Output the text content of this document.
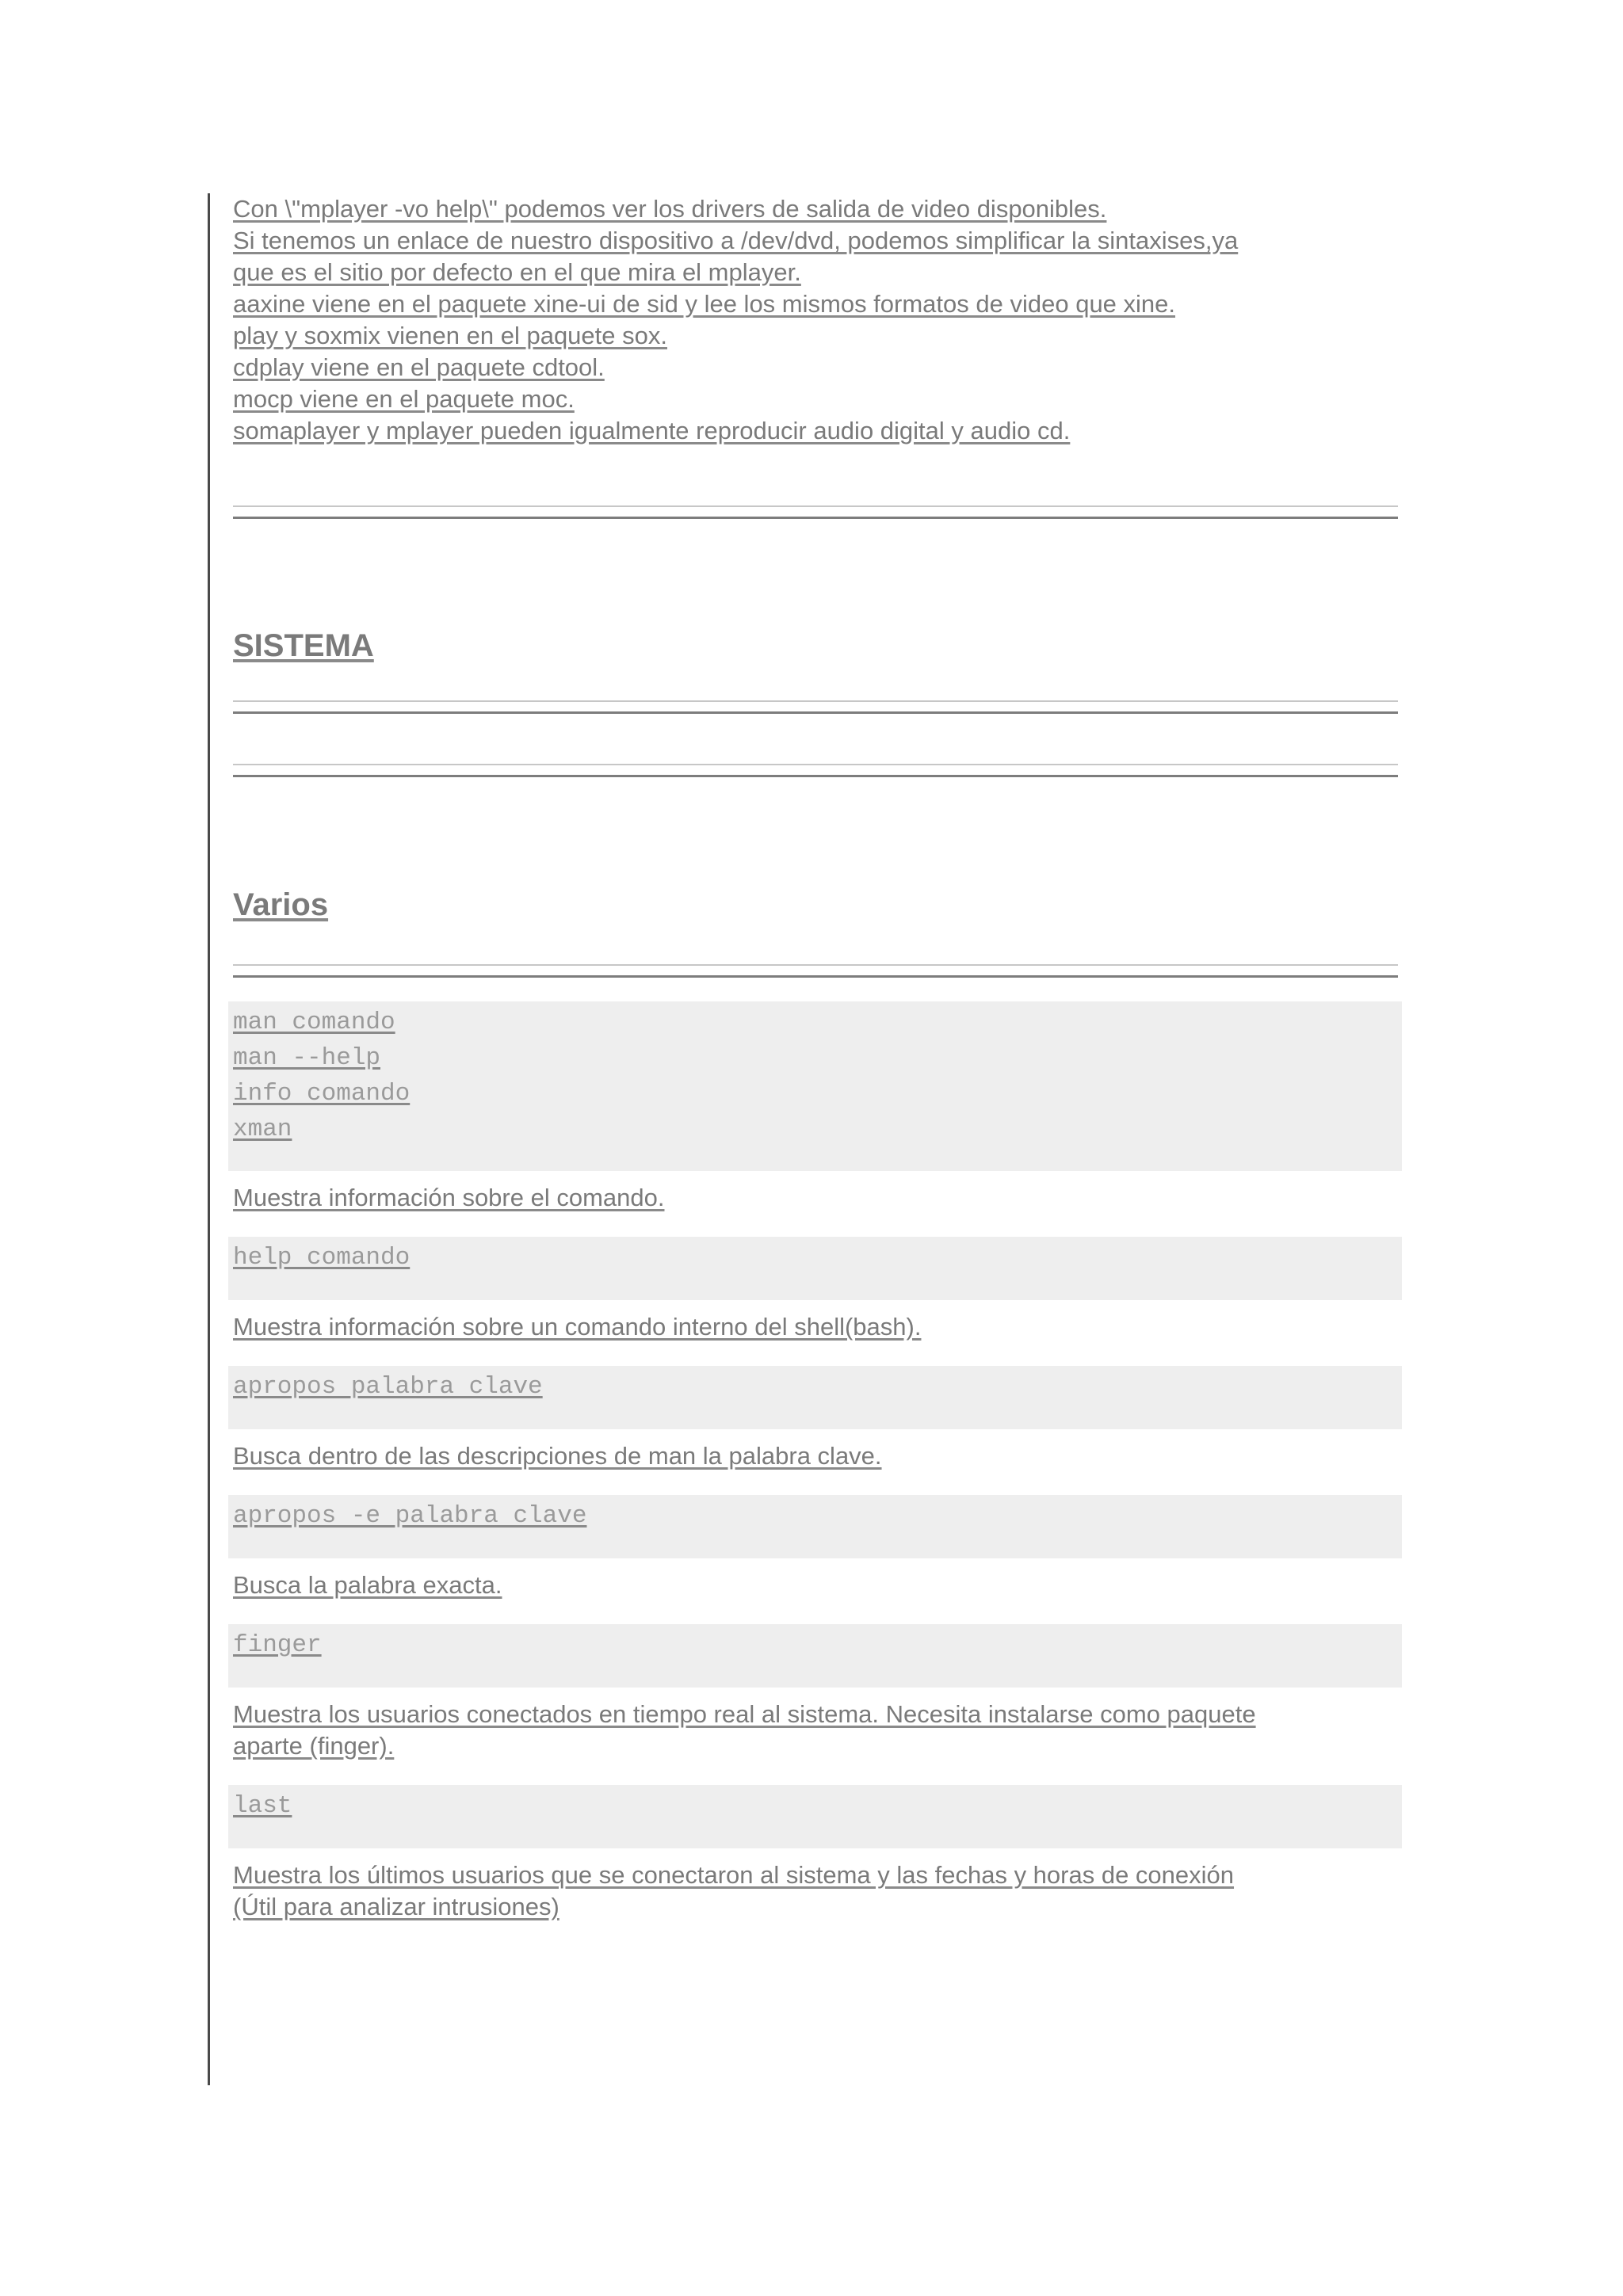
Con \"mplayer -vo help\" podemos ver los drivers de salida de video disponibles.

Si tenemos un enlace de nuestro dispositivo a /dev/dvd, podemos simplificar la sintaxises,ya

que es el sitio por defecto en el que mira el mplayer.

aaxine viene en el paquete xine-ui de sid y lee los mismos formatos de video que xine.

play y soxmix vienen en el paquete sox.

cdplay viene en el paquete cdtool.

mocp viene en el paquete moc.

somaplayer y mplayer pueden igualmente reproducir audio digital y audio cd.

SISTEMA
Varios
man comando
man --help
info comando
xman

Muestra información sobre el comando.

help comando

Muestra información sobre un comando interno del shell(bash).

apropos palabra clave

Busca dentro de las descripciones de man la palabra clave.

apropos -e palabra clave

Busca la palabra exacta.

finger

Muestra los usuarios conectados en tiempo real al sistema. Necesita instalarse como paquete

aparte (finger).

last

Muestra los últimos usuarios que se conectaron al sistema y las fechas y horas de conexión

(Útil para analizar intrusiones)
